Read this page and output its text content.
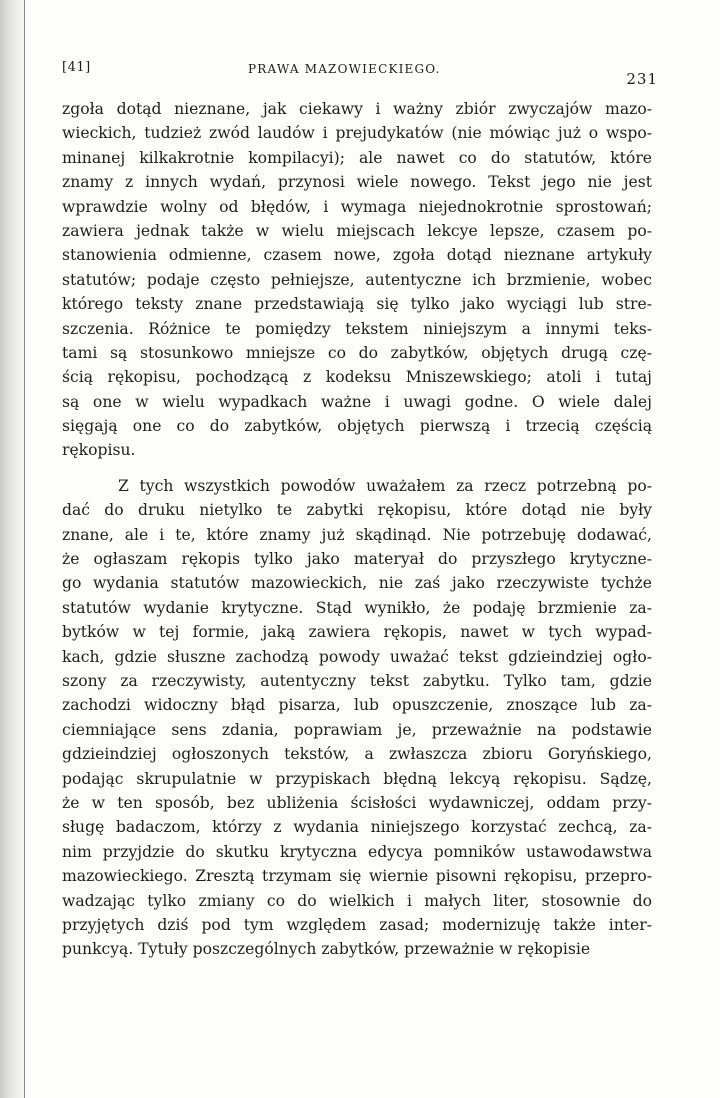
[41]	PRAWA MAZOWIECKIEGO.
231
zgoła dotąd nieznane, jak ciekawy i ważny zbiór zwyczajów mazo-
wieckich, tudzież zwód laudów i prejudykatów (nie mówiąc już o wspo-
minanej kilkakrotnie kompilacyi); ale nawet co do statutów, które
znamy z innych wydań, przynosi wiele nowego. Tekst jego nie jest
wprawdzie wolny od błędów, i wymaga niejednokrotnie sprostowań;
zawiera jednak także w wielu miejscach lekcye lepsze, czasem po-
stanowienia odmienne, czasem nowe, zgoła dotąd nieznane artykuły
statutów; podaje często pełniejsze, autentyczne ich brzmienie, wobec
którego teksty znane przedstawiają się tylko jako wyciągi lub stre-
szczenia. Różnice te pomiędzy tekstem niniejszym a innymi teks-
tami są stosunkowo mniejsze co do zabytków, objętych drugą czę-
ścią rękopisu, pochodzącą z kodeksu Mniszewskiego; atoli i tutaj
są one w wielu wypadkach ważne i uwagi godne. O wiele dalej
sięgają one co do zabytków, objętych pierwszą i trzecią częścią
rękopisu.
Z tych wszystkich powodów uważałem za rzecz potrzebną po-
dać do druku nietylko te zabytki rękopisu, które dotąd nie były
znane, ale i te, które znamy już skądinąd. Nie potrzebuję dodawać,
że ogłaszam rękopis tylko jako materyał do przyszłego krytyczne-
go wydania statutów mazowieckich, nie zaś jako rzeczywiste tychże
statutów wydanie krytyczne. Stąd wynikło, że podaję brzmienie za-
bytków w tej formie, jaką zawiera rękopis, nawet w tych wypad-
kach, gdzie słuszne zachodzą powody uważać tekst gdzieindziej ogło-
szony za rzeczywisty, autentyczny tekst zabytku. Tylko tam, gdzie
zachodzi widoczny błąd pisarza, lub opuszczenie, znoszące lub za-
ciemniające sens zdania, poprawiam je, przeważnie na podstawie
gdzieindziej ogłoszonych tekstów, a zwłaszcza zbioru Goryńskiego,
podając skrupulatnie w przypiskach błędną lekcyą rękopisu. Sądzę,
że w ten sposób, bez ubliżenia ścisłości wydawniczej, oddam przy-
sługę badaczom, którzy z wydania niniejszego korzystać zechcą, za-
nim przyjdzie do skutku krytyczna edycya pomników ustawodawstwa
mazowieckiego. Zresztą trzymam się wiernie pisowni rękopisu, przepro-
wadzając tylko zmiany co do wielkich i małych liter, stosownie do
przyjętych dziś pod tym względem zasad; modernizuję także inter-
punkcyą. Tytuły poszczególnych zabytków, przeważnie w rękopisie
